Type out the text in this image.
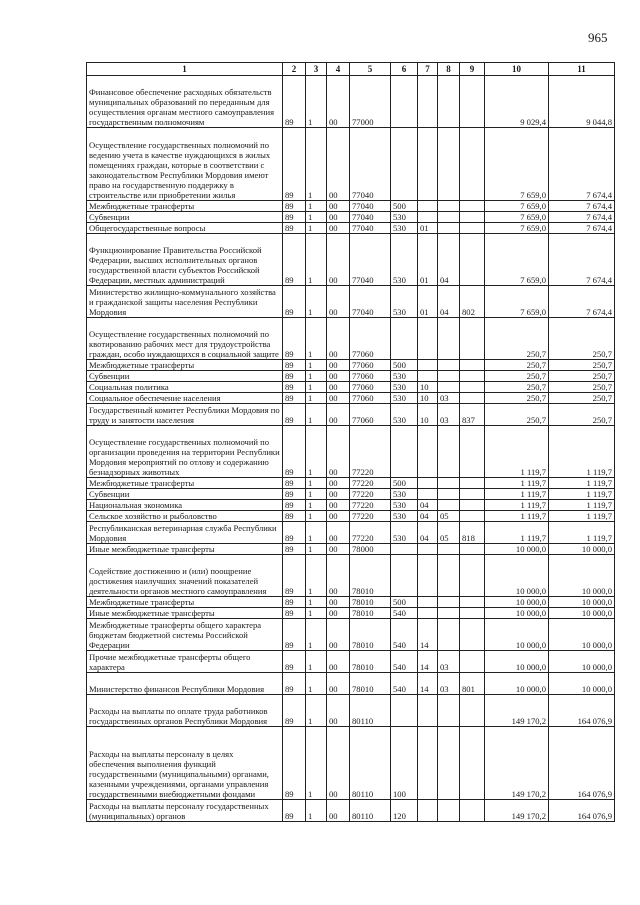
965
1	2	3	4	5	6	7	8	9	10	11
Финансовое обеспечение расходных обязательств муниципальных образований по переданным для осуществления органам местного самоуправления государственным полномочиям	89	1	00	77000					9 029,4	9 044,8
Осуществление государственных полномочий по ведению учета в качестве нуждающихся в жилых помещениях граждан, которые в соответствии с законодательством Республики Мордовия имеют право на государственную поддержку в строительстве или приобретении жилья	89	1	00	77040					7 659,0	7 674,4
Межбюджетные трансферты	89	1	00	77040	500				7 659,0	7 674,4
Субвенции	89	1	00	77040	530				7 659,0	7 674,4
Общегосударственные вопросы	89	1	00	77040	530	01			7 659,0	7 674,4
Функционирование Правительства Российской Федерации, высших исполнительных органов государственной власти субъектов Российской Федерации, местных администраций	89	1	00	77040	530	01	04		7 659,0	7 674,4
Министерство жилищно-коммунального хозяйства и гражданской защиты населения Республики Мордовия	89	1	00	77040	530	01	04	802	7 659,0	7 674,4
Осуществление государственных полномочий по квотированию рабочих мест для трудоустройства граждан, особо нуждающихся в социальной защите	89	1	00	77060					250,7	250,7
Межбюджетные трансферты	89	1	00	77060	500				250,7	250,7
Субвенции	89	1	00	77060	530				250,7	250,7
Социальная политика	89	1	00	77060	530	10			250,7	250,7
Социальное обеспечение населения	89	1	00	77060	530	10	03		250,7	250,7
Государственный комитет Республики Мордовия по труду и занятости населения	89	1	00	77060	530	10	03	837	250,7	250,7
Осуществление государственных полномочий по организации проведения на территории Республики Мордовия мероприятий по отлову и содержанию безнадзорных животных	89	1	00	77220					1 119,7	1 119,7
Межбюджетные трансферты	89	1	00	77220	500				1 119,7	1 119,7
Субвенции	89	1	00	77220	530				1 119,7	1 119,7
Национальная экономика	89	1	00	77220	530	04			1 119,7	1 119,7
Сельское хозяйство и рыболовство	89	1	00	77220	530	04	05		1 119,7	1 119,7
Республиканская ветеринарная служба Республики Мордовия	89	1	00	77220	530	04	05	818	1 119,7	1 119,7
Иные межбюджетные трансферты	89	1	00	78000					10 000,0	10 000,0
Содействие достижению и (или) поощрение достижения наилучших значений показателей деятельности органов местного самоуправления	89	1	00	78010					10 000,0	10 000,0
Межбюджетные трансферты	89	1	00	78010	500				10 000,0	10 000,0
Иные межбюджетные трансферты	89	1	00	78010	540				10 000,0	10 000,0
Межбюджетные трансферты общего характера бюджетам бюджетной системы Российской Федерации	89	1	00	78010	540	14			10 000,0	10 000,0
Прочие межбюджетные трансферты общего характера	89	1	00	78010	540	14	03		10 000,0	10 000,0
Министерство финансов Республики Мордовия	89	1	00	78010	540	14	03	801	10 000,0	10 000,0
Расходы на выплаты по оплате труда работников государственных органов Республики Мордовия	89	1	00	80110					149 170,2	164 076,9
Расходы на выплаты персоналу в целях обеспечения выполнения функций государственными (муниципальными) органами, казенными учреждениями, органами управления государственными внебюджетными фондами	89	1	00	80110	100				149 170,2	164 076,9
Расходы на выплаты персоналу государственных (муниципальных) органов	89	1	00	80110	120				149 170,2	164 076,9
